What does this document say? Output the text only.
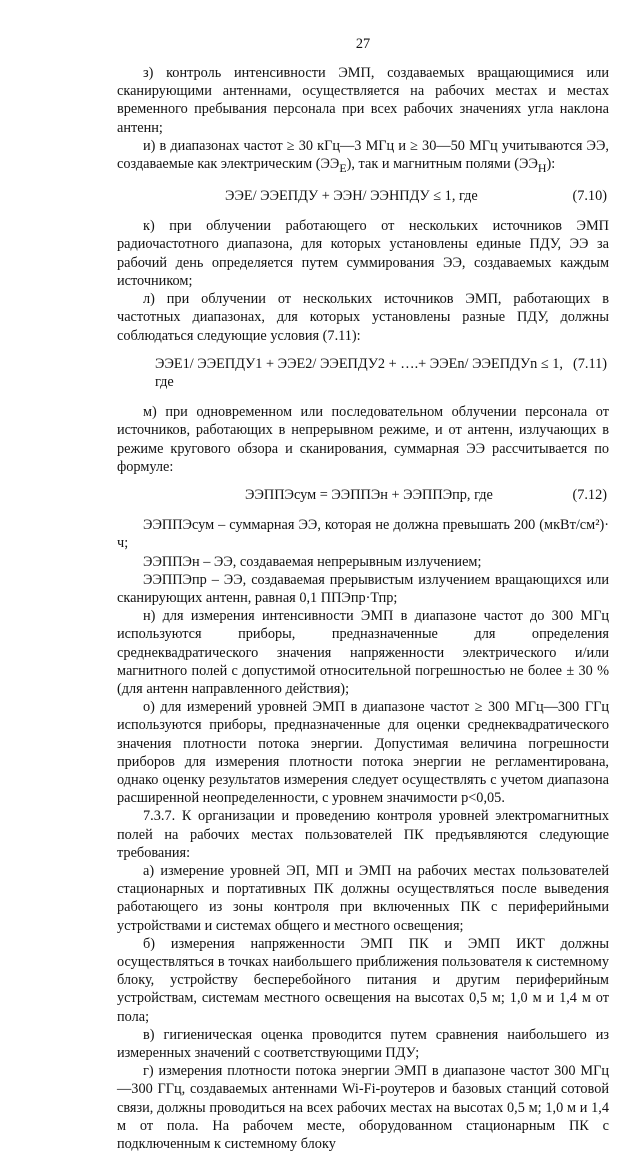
27

з) контроль интенсивности ЭМП, создаваемых вращающимися или сканирующими антеннами, осуществляется на рабочих местах и местах временного пребывания персонала при всех рабочих значениях угла наклона антенн;

и) в диапазонах частот ≥ 30 кГц—3 МГц и ≥ 30—50 МГц учитываются ЭЭ, создаваемые как электрическим $(ЭЭ_Е)$, так и магнитным полями $(ЭЭ_Н)$:

ЭЭЕ/ ЭЭЕПДУ + ЭЭН/ ЭЭНПДУ ≤ 1, где	(7.10)

к) при облучении работающего от нескольких источников ЭМП радиочастотного диапазона, для которых установлены единые ПДУ, ЭЭ за рабочий день определяется путем суммирования ЭЭ, создаваемых каждым источником;

л) при облучении от нескольких источников ЭМП, работающих в частотных диапазонах, для которых установлены разные ПДУ, должны соблюдаться следующие условия (7.11):

ЭЭЕ1/ ЭЭЕПДУ1 + ЭЭЕ2/ ЭЭЕПДУ2 + ….+ ЭЭЕn/ ЭЭЕПДУn ≤ 1, где
(7.11)

м) при одновременном или последовательном облучении персонала от источников, работающих в непрерывном режиме, и от антенн, излучающих в режиме кругового обзора и сканирования, суммарная ЭЭ рассчитывается по формуле:

ЭЭППЭсум = ЭЭППЭн + ЭЭППЭпр, где	(7.12)

ЭЭППЭсум – суммарная ЭЭ, которая не должна превышать 200 (мкВт/см²)· ч;

ЭЭППЭн – ЭЭ, создаваемая непрерывным излучением;

ЭЭППЭпр – ЭЭ, создаваемая прерывистым излучением вращающихся или сканирующих антенн, равная 0,1 ППЭпр·Тпр;

н) для измерения интенсивности ЭМП в диапазоне частот до 300 МГц используются приборы, предназначенные для определения среднеквадратического значения напряженности электрического и/или магнитного полей с допустимой относительной погрешностью не более ± 30 % (для антенн направленного действия);

о) для измерений уровней ЭМП в диапазоне частот ≥ 300 МГц—300 ГГц используются приборы, предназначенные для оценки среднеквадратического значения плотности потока энергии. Допустимая величина погрешности приборов для измерения плотности потока энергии не регламентирована, однако оценку результатов измерения следует осуществлять с учетом диапазона расширенной неопределенности, с уровнем значимости p<0,05.

7.3.7. К организации и проведению контроля уровней электромагнитных полей на рабочих местах пользователей ПК предъявляются следующие требования:

а) измерение уровней ЭП, МП и ЭМП на рабочих местах пользователей стационарных и портативных ПК должны осуществляться после выведения работающего из зоны контроля при включенных ПК с периферийными устройствами и системах общего и местного освещения;

б) измерения напряженности ЭМП ПК и ЭМП ИКТ должны осуществляться в точках наибольшего приближения пользователя к системному блоку, устройству бесперебойного питания и другим периферийным устройствам, системам местного освещения на высотах 0,5 м; 1,0 м и 1,4 м от пола;

в) гигиеническая оценка проводится путем сравнения наибольшего из измеренных значений с соответствующими ПДУ;

г) измерения плотности потока энергии ЭМП в диапазоне частот 300 МГц—300 ГГц, создаваемых антеннами Wi-Fi-роутеров и базовых станций сотовой связи, должны проводиться на всех рабочих местах на высотах 0,5 м; 1,0 м и 1,4 м от пола. На рабочем месте, оборудованном стационарным ПК с подключенным к системному блоку
